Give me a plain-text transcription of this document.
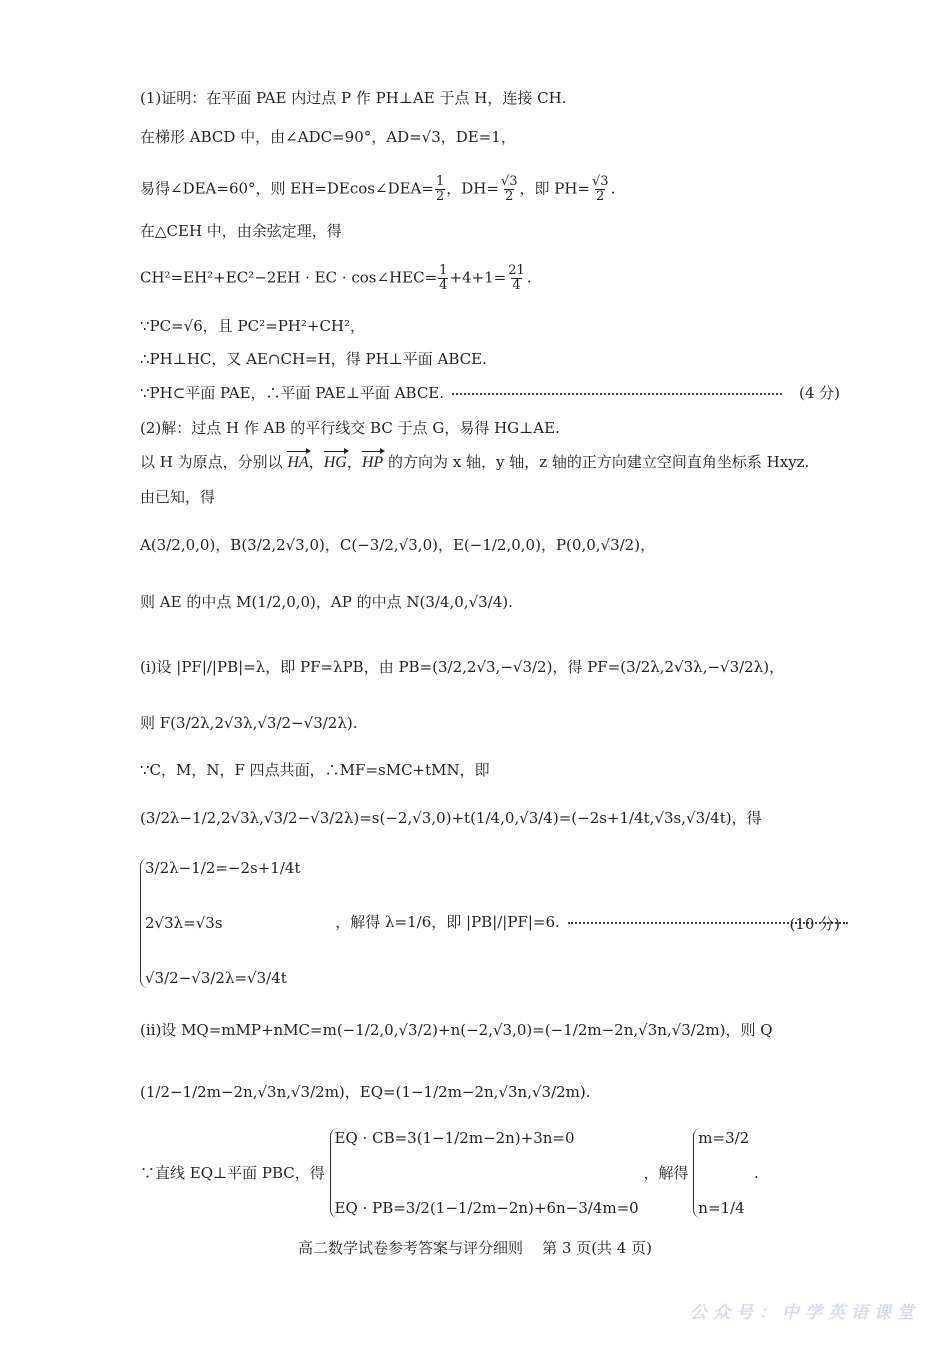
(1)证明：在平面 PAE 内过点 P 作 PH⊥AE 于点 H，连接 CH.
在梯形 ABCD 中，由∠ADC=90°，AD=√3，DE=1，
易得∠DEA=60°，则 EH=DEcos∠DEA= $\frac{1}{2}$ ，$DH= \frac{√3}{2}$ ，即 $PH= \frac{√3}{2}$ .
在△CEH 中，由余弦定理，得
CH²=EH²+EC²−2EH · EC · cos∠HEC= $\frac{1}{4} +4+1= \frac{21}{4}$ .
∵PC=√6，且 PC²=PH²+CH²，
∴PH⊥HC，又 AE∩CH=H，得 PH⊥平面 ABCE.
∵PH⊂平面 PAE，∴平面 PAE⊥平面 ABCE.	(4 分)
(2)解：过点 H 作 AB 的平行线交 BC 于点 G，易得 HG⊥AE.
以 H 为原点，分别以 HA，HG，HP 的方向为 x 轴，y 轴，z 轴的正方向建立空间直角坐标系 Hxyz.
由已知，得
A(3/2,0,0)，B(3/2,2√3,0)，C(−3/2,√3,0)，E(−1/2,0,0)，P(0,0,√3/2)，
则 AE 的中点 M(1/2,0,0)，AP 的中点 N(3/4,0,√3/4).
(ⅰ)设 |PF|/|PB|=λ，即 PF=λPB，由 PB=(3/2,2√3,−√3/2)，得 PF=(3/2λ,2√3λ,−√3/2λ)，
则 F(3/2λ,2√3λ,√3/2−√3/2λ).
∵C，M，N，F 四点共面，∴MF=sMC+tMN，即
(3/2λ−1/2,2√3λ,√3/2−√3/2λ)=s(−2,√3,0)+t(1/4,0,√3/4)=(−2s+1/4t,√3s,√3/4t)，得
3/2λ−1/2=−2s+1/4t
2√3λ=√3s
√3/2−√3/2λ=√3/4t
，解得 λ=1/6，即 |PB|/|PF|=6.	(10 分)
(ⅱ)设 MQ=mMP+nMC=m(−1/2,0,√3/2)+n(−2,√3,0)=(−1/2m−2n,√3n,√3/2m)，则 Q
(1/2−1/2m−2n,√3n,√3/2m)，EQ=(1−1/2m−2n,√3n,√3/2m).
∵直线 EQ⊥平面 PBC，得
EQ · CB=3(1−1/2m−2n)+3n=0
EQ · PB=3/2(1−1/2m−2n)+6n−3/4m=0
，解得
m=3/2
n=1/4
.
高二数学试卷参考答案与评分细则 第 3 页(共 4 页)
公众号：中学英语课堂
